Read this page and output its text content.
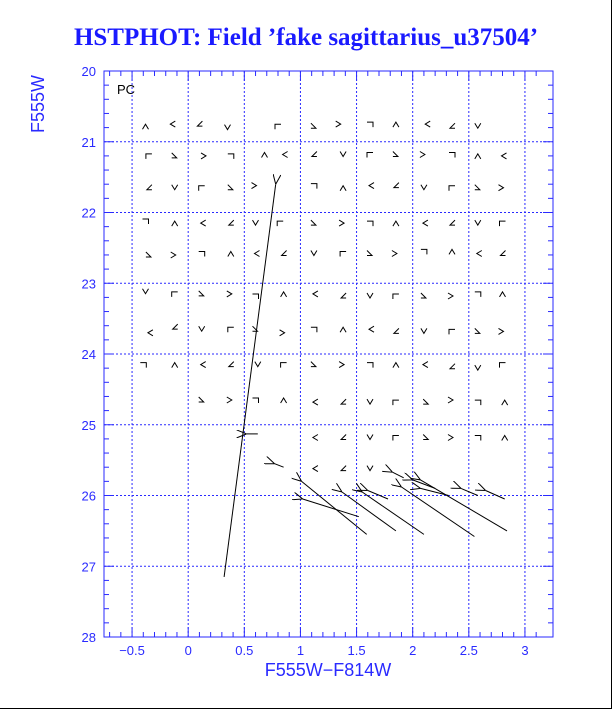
HSTPHOT: Field ’fake sagittarius_u37504’
−0.5	0	0.5	1	1.5	2	2.5	3
20
21
22
23
24
25
26
27
28
PC
F555W−F814W
F555W
